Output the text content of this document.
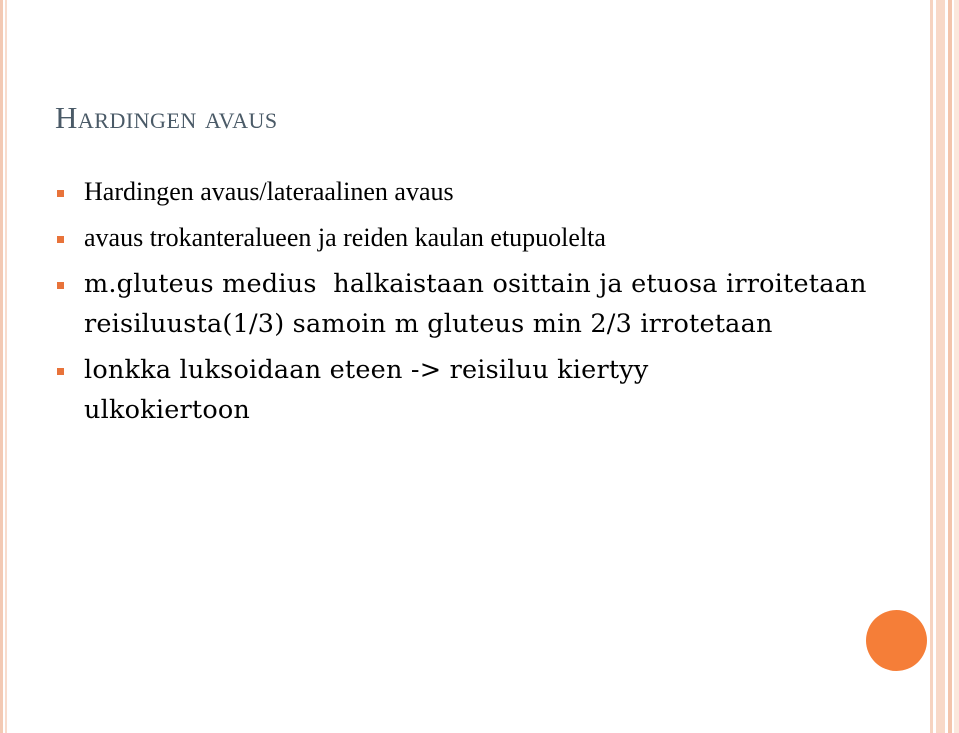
Hardingen avaus
Hardingen avaus/lateraalinen avaus
avaus trokanteralueen ja reiden kaulan etupuolelta
m.gluteus medius  halkaistaan osittain ja etuosa irroitetaan reisiluusta(1/3) samoin m gluteus min 2/3 irrotetaan
lonkka luksoidaan eteen -> reisiluu kiertyy ulkokiertoon
